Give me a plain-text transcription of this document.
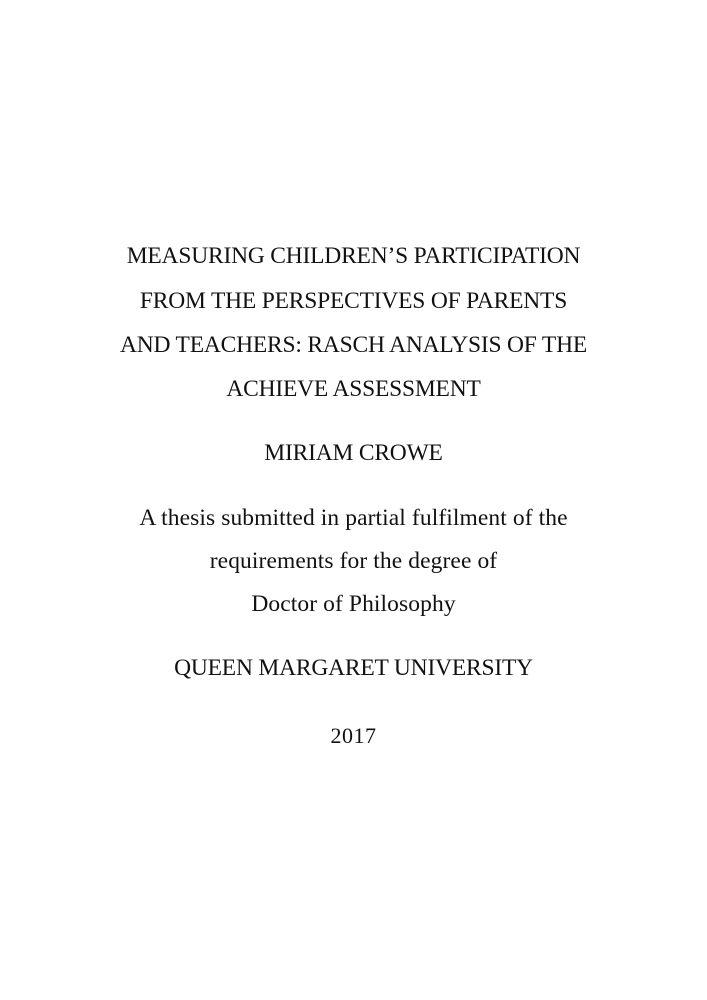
MEASURING CHILDREN’S PARTICIPATION
FROM THE PERSPECTIVES OF PARENTS
AND TEACHERS: RASCH ANALYSIS OF THE
ACHIEVE ASSESSMENT
MIRIAM CROWE
A thesis submitted in partial fulfilment of the
requirements for the degree of
Doctor of Philosophy
QUEEN MARGARET UNIVERSITY
2017
